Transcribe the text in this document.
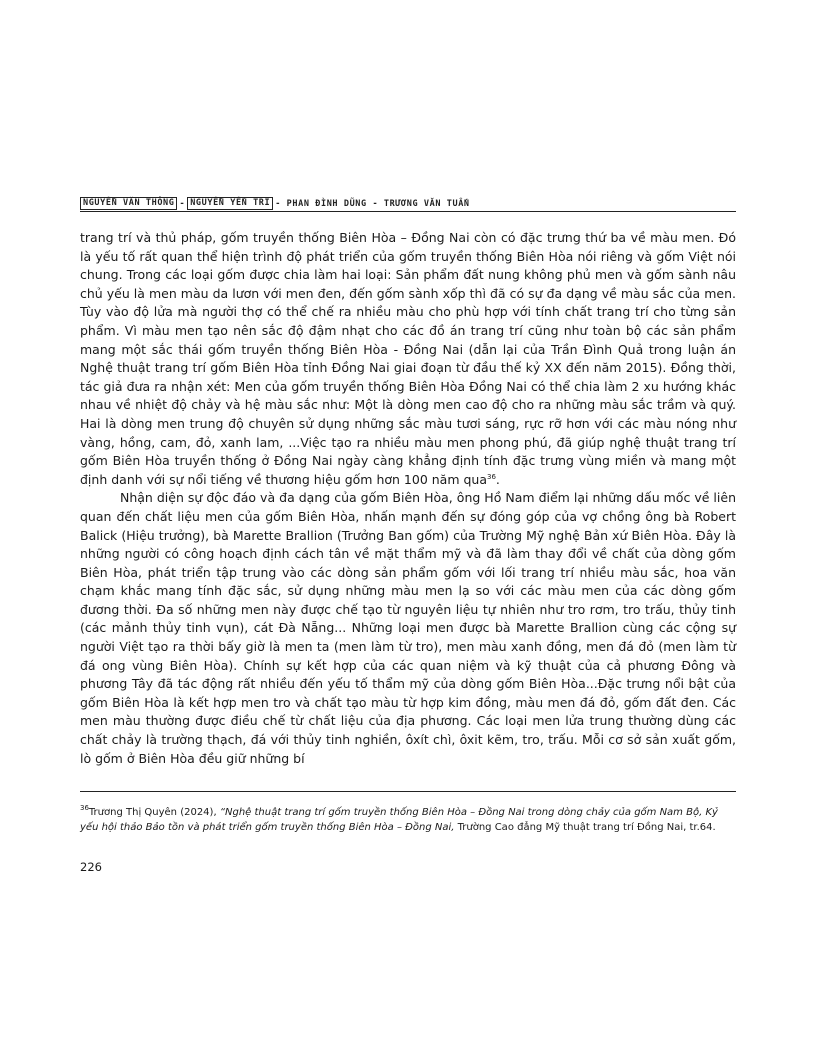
NGUYỄN VĂN THÔNG - NGUYỄN YẾN TRI - PHAN ĐÌNH DŨNG - TRƯƠNG VĂN TUẤN

trang trí và thủ pháp, gốm truyền thống Biên Hòa – Đồng Nai còn có đặc trưng thứ ba về màu men. Đó là yếu tố rất quan thể hiện trình độ phát triển của gốm truyền thống Biên Hòa nói riêng và gốm Việt nói chung. Trong các loại gốm được chia làm hai loại: Sản phẩm đất nung không phủ men và gốm sành nâu chủ yếu là men màu da lươn với men đen, đến gốm sành xốp thì đã có sự đa dạng về màu sắc của men. Tùy vào độ lửa mà người thợ có thể chế ra nhiều màu cho phù hợp với tính chất trang trí cho từng sản phẩm. Vì màu men tạo nên sắc độ đậm nhạt cho các đồ án trang trí cũng như toàn bộ các sản phẩm mang một sắc thái gốm truyền thống Biên Hòa - Đồng Nai (dẫn lại của Trần Đình Quả trong luận án Nghệ thuật trang trí gốm Biên Hòa tỉnh Đồng Nai giai đoạn từ đầu thế kỷ XX đến năm 2015). Đồng thời, tác giả đưa ra nhận xét: Men của gốm truyền thống Biên Hòa Đồng Nai có thể chia làm 2 xu hướng khác nhau về nhiệt độ chảy và hệ màu sắc như: Một là dòng men cao độ cho ra những màu sắc trầm và quý. Hai là dòng men trung độ chuyên sử dụng những sắc màu tươi sáng, rực rỡ hơn với các màu nóng như vàng, hồng, cam, đỏ, xanh lam, ...Việc tạo ra nhiều màu men phong phú, đã giúp nghệ thuật trang trí gốm Biên Hòa truyền thống ở Đồng Nai ngày càng khẳng định tính đặc trưng vùng miền và mang một định danh với sự nổi tiếng về thương hiệu gốm hơn 100 năm qua$^{36}$.

Nhận diện sự độc đáo và đa dạng của gốm Biên Hòa, ông Hồ Nam điểm lại những dấu mốc về liên quan đến chất liệu men của gốm Biên Hòa, nhấn mạnh đến sự đóng góp của vợ chồng ông bà Robert Balick (Hiệu trưởng), bà Marette Brallion (Trưởng Ban gốm) của Trường Mỹ nghệ Bản xứ Biên Hòa. Đây là những người có công hoạch định cách tân về mặt thẩm mỹ và đã làm thay đổi về chất của dòng gốm Biên Hòa, phát triển tập trung vào các dòng sản phẩm gốm với lối trang trí nhiều màu sắc, hoa văn chạm khắc mang tính đặc sắc, sử dụng những màu men lạ so với các màu men của các dòng gốm đương thời. Đa số những men này được chế tạo từ nguyên liệu tự nhiên như tro rơm, tro trấu, thủy tinh (các mảnh thủy tinh vụn), cát Đà Nẵng... Những loại men được bà Marette Brallion cùng các cộng sự người Việt tạo ra thời bấy giờ là men ta (men làm từ tro), men màu xanh đồng, men đá đỏ (men làm từ đá ong vùng Biên Hòa). Chính sự kết hợp của các quan niệm và kỹ thuật của cả phương Đông và phương Tây đã tác động rất nhiều đến yếu tố thẩm mỹ của dòng gốm Biên Hòa...Đặc trưng nổi bật của gốm Biên Hòa là kết hợp men tro và chất tạo màu từ hợp kim đồng, màu men đá đỏ, gốm đất đen. Các men màu thường được điều chế từ chất liệu của địa phương. Các loại men lửa trung thường dùng các chất chảy là trường thạch, đá với thủy tinh nghiền, ôxít chì, ôxit kẽm, tro, trấu. Mỗi cơ sở sản xuất gốm, lò gốm ở Biên Hòa đều giữ những bí

$^{36}$Trương Thị Quyên (2024), “Nghệ thuật trang trí gốm truyền thống Biên Hòa – Đồng Nai trong dòng chảy của gốm Nam Bộ, Kỷ yếu hội thảo Bảo tồn và phát triển gốm truyền thống Biên Hòa – Đồng Nai, Trường Cao đẳng Mỹ thuật trang trí Đồng Nai, tr.64.
226
